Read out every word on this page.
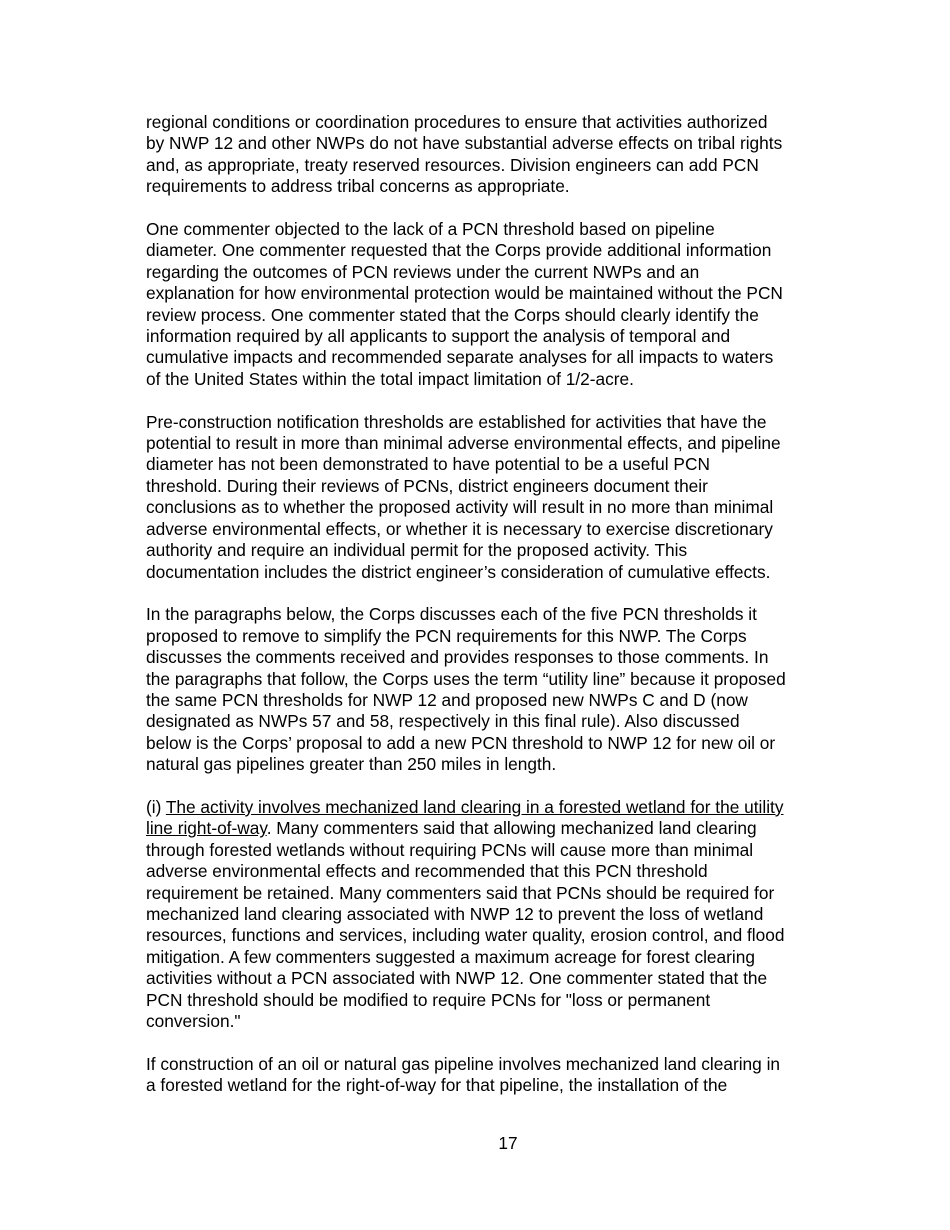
regional conditions or coordination procedures to ensure that activities authorized
by NWP 12 and other NWPs do not have substantial adverse effects on tribal rights
and, as appropriate, treaty reserved resources. Division engineers can add PCN
requirements to address tribal concerns as appropriate.

One commenter objected to the lack of a PCN threshold based on pipeline
diameter. One commenter requested that the Corps provide additional information
regarding the outcomes of PCN reviews under the current NWPs and an
explanation for how environmental protection would be maintained without the PCN
review process. One commenter stated that the Corps should clearly identify the
information required by all applicants to support the analysis of temporal and
cumulative impacts and recommended separate analyses for all impacts to waters
of the United States within the total impact limitation of 1/2-acre.

Pre-construction notification thresholds are established for activities that have the
potential to result in more than minimal adverse environmental effects, and pipeline
diameter has not been demonstrated to have potential to be a useful PCN
threshold. During their reviews of PCNs, district engineers document their
conclusions as to whether the proposed activity will result in no more than minimal
adverse environmental effects, or whether it is necessary to exercise discretionary
authority and require an individual permit for the proposed activity. This
documentation includes the district engineer’s consideration of cumulative effects.

In the paragraphs below, the Corps discusses each of the five PCN thresholds it
proposed to remove to simplify the PCN requirements for this NWP. The Corps
discusses the comments received and provides responses to those comments. In
the paragraphs that follow, the Corps uses the term “utility line” because it proposed
the same PCN thresholds for NWP 12 and proposed new NWPs C and D (now
designated as NWPs 57 and 58, respectively in this final rule). Also discussed
below is the Corps’ proposal to add a new PCN threshold to NWP 12 for new oil or
natural gas pipelines greater than 250 miles in length.

(i) The activity involves mechanized land clearing in a forested wetland for the utility
line right-of-way. Many commenters said that allowing mechanized land clearing
through forested wetlands without requiring PCNs will cause more than minimal
adverse environmental effects and recommended that this PCN threshold
requirement be retained. Many commenters said that PCNs should be required for
mechanized land clearing associated with NWP 12 to prevent the loss of wetland
resources, functions and services, including water quality, erosion control, and flood
mitigation. A few commenters suggested a maximum acreage for forest clearing
activities without a PCN associated with NWP 12. One commenter stated that the
PCN threshold should be modified to require PCNs for "loss or permanent
conversion."

If construction of an oil or natural gas pipeline involves mechanized land clearing in
a forested wetland for the right-of-way for that pipeline, the installation of the

17
